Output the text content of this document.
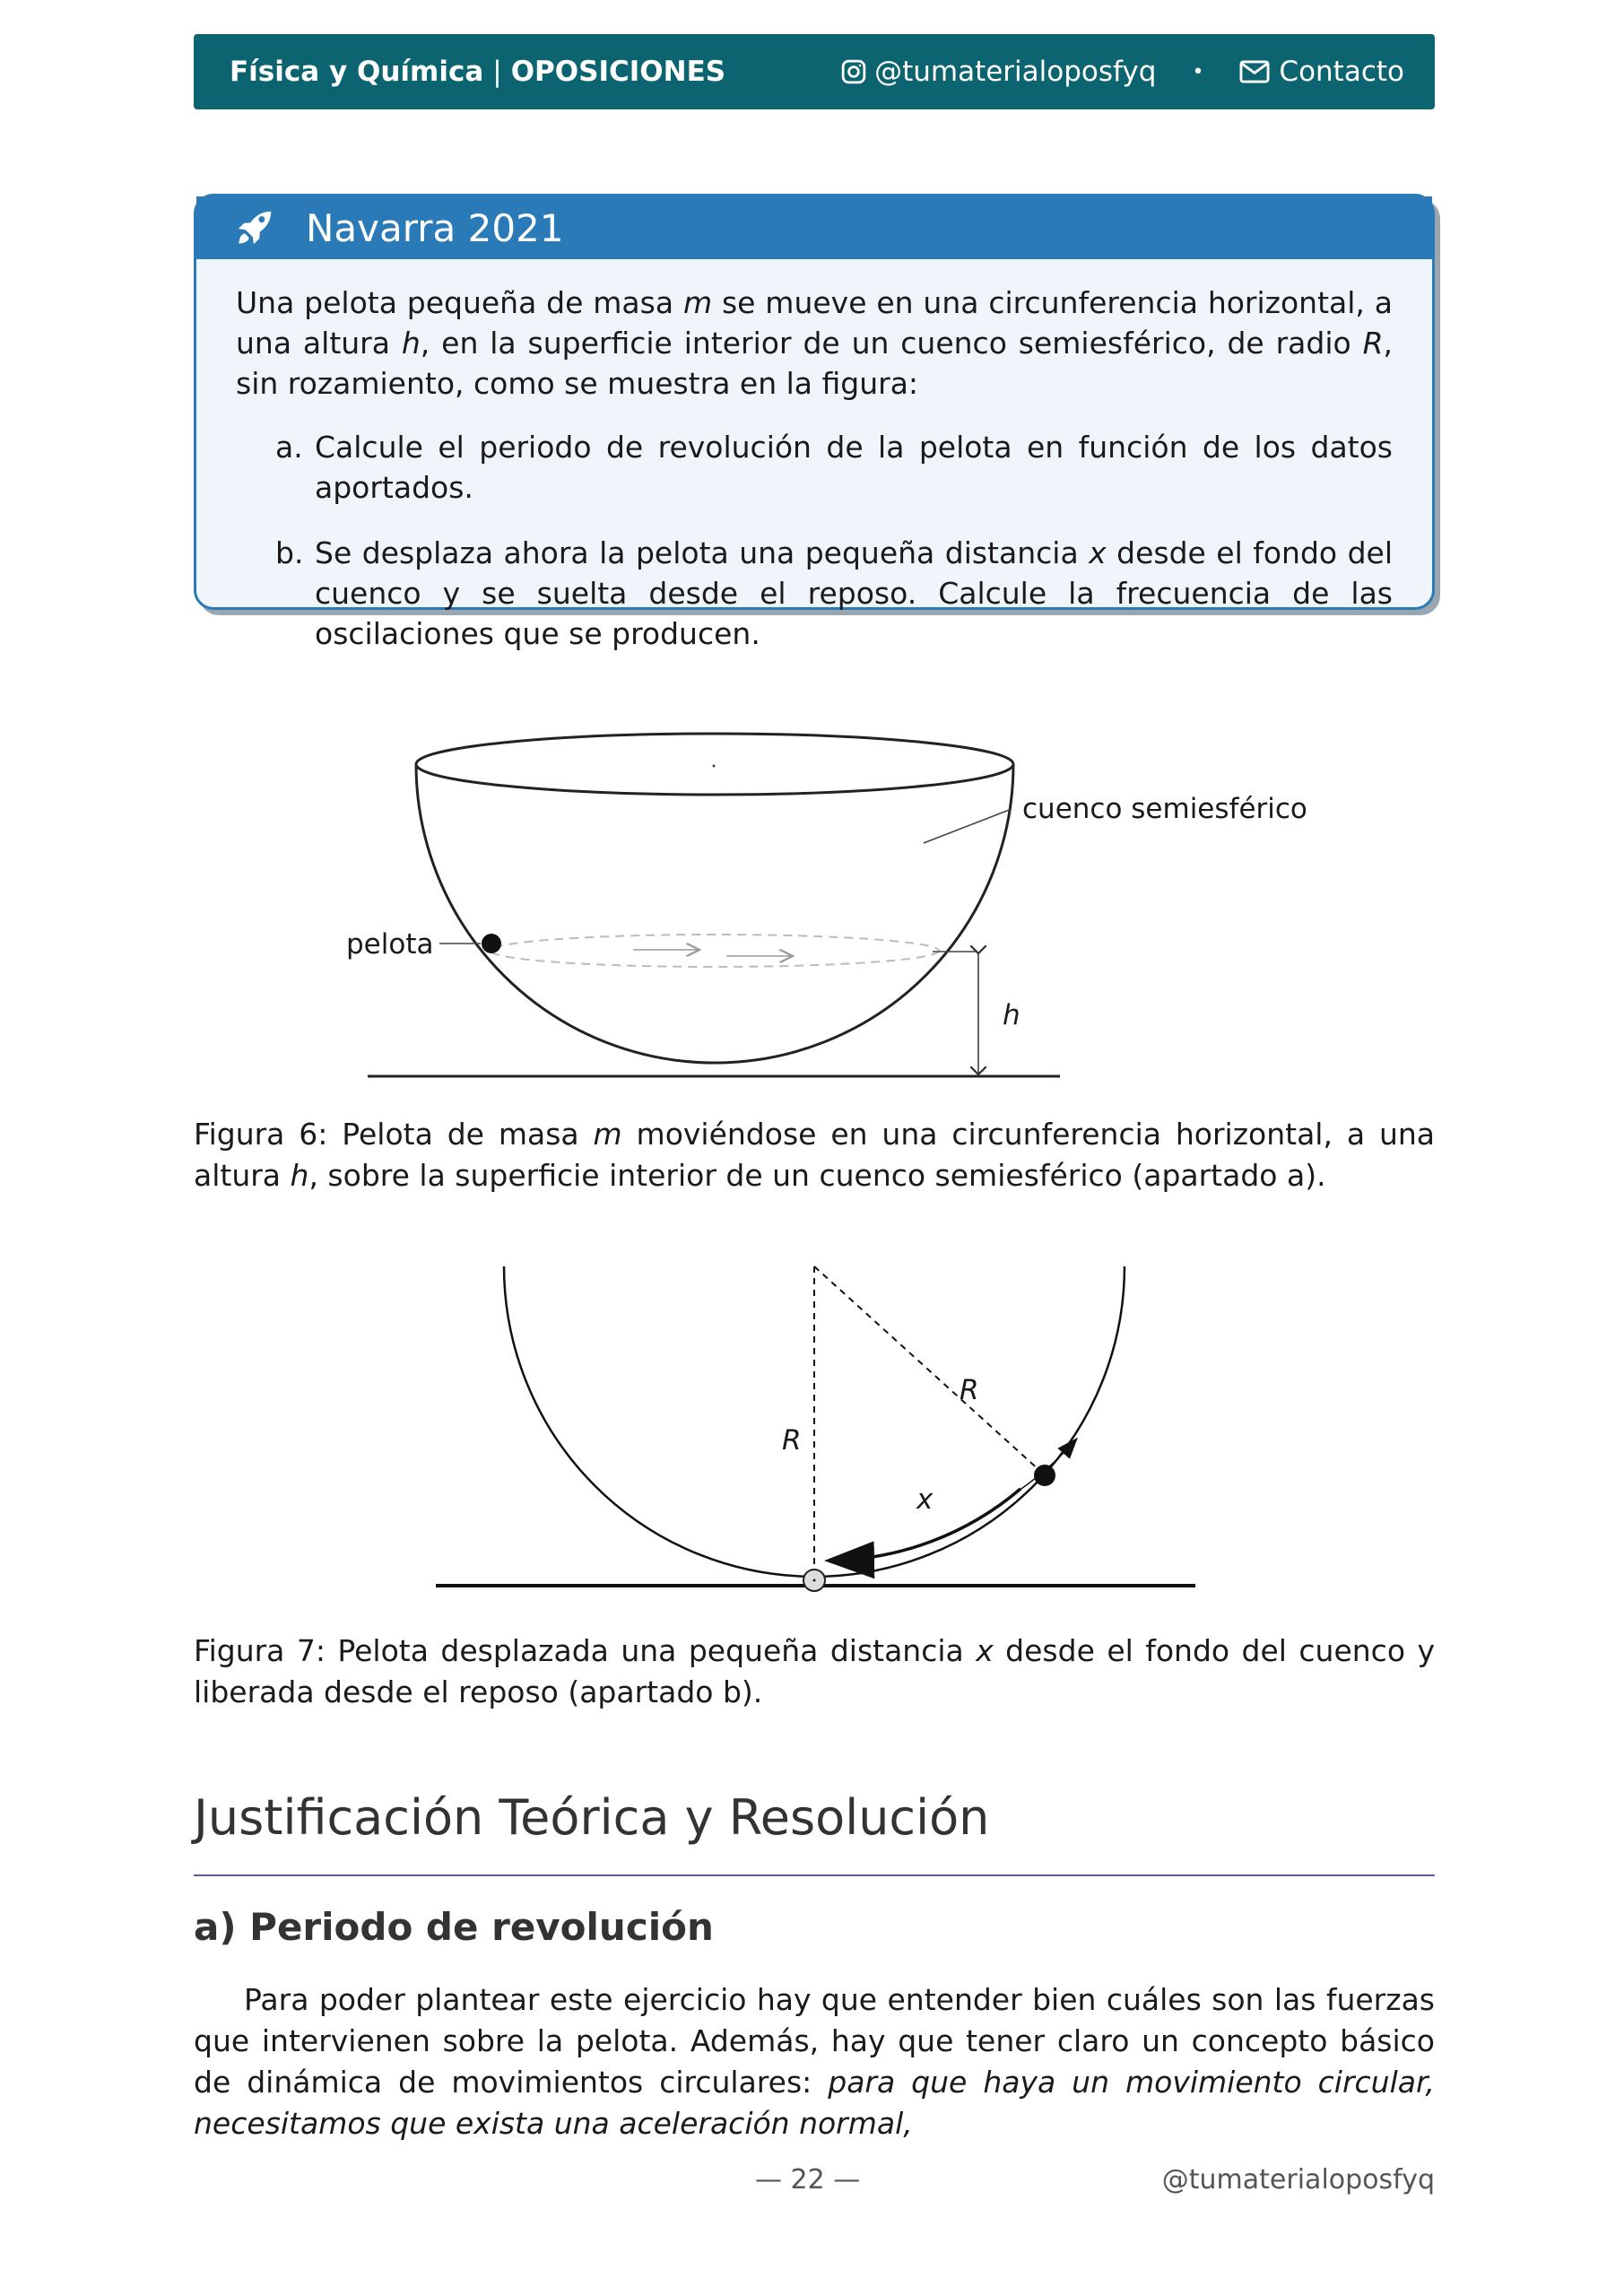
Física y Química | OPOSICIONES	@tumaterialoposfyq •	Contacto
Navarra 2021

Una pelota pequeña de masa m se mueve en una circunferencia horizontal, a una altura h, en la superficie interior de un cuenco semiesférico, de radio R, sin rozamiento, como se muestra en la figura:

a. Calcule el periodo de revolución de la pelota en función de los datos aportados.
b. Se desplaza ahora la pelota una pequeña distancia x desde el fondo del cuenco y se suelta desde el reposo. Calcule la frecuencia de las oscilaciones que se producen.
cuenco semiesférico
pelota
h
Figura 6: Pelota de masa m moviéndose en una circunferencia horizontal, a una altura h, sobre la superficie interior de un cuenco semiesférico (apartado a).
R
R
x
Figura 7: Pelota desplazada una pequeña distancia x desde el fondo del cuenco y liberada desde el reposo (apartado b).
Justificación Teórica y Resolución
a) Periodo de revolución
Para poder plantear este ejercicio hay que entender bien cuáles son las fuerzas que intervienen sobre la pelota. Además, hay que tener claro un concepto básico de dinámica de movimientos circulares: para que haya un movimiento circular, necesitamos que exista una aceleración normal,
— 22 —	@tumaterialoposfyq
